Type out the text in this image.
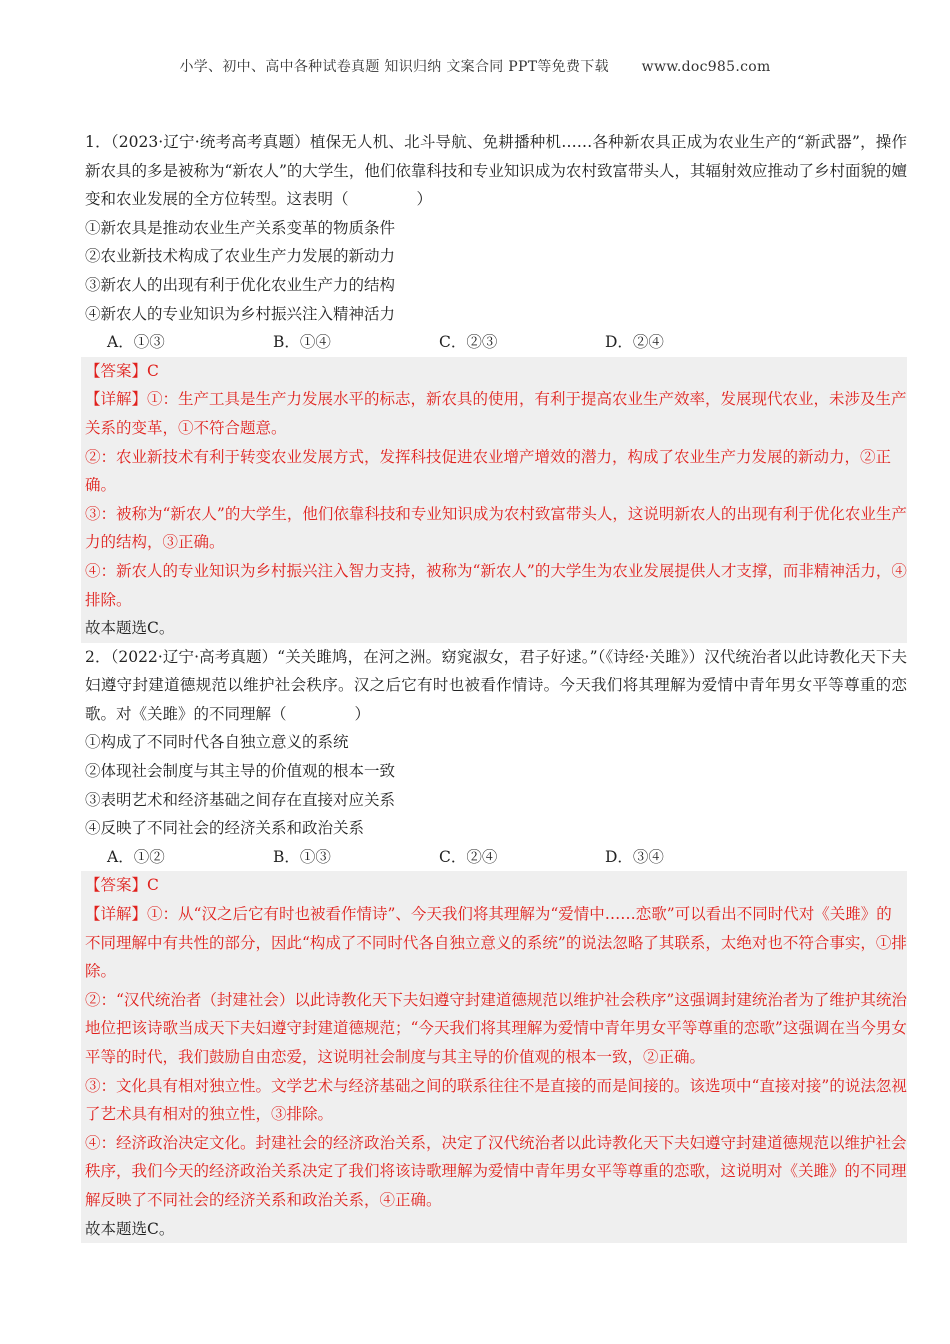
小学、初中、高中各种试卷真题 知识归纳 文案合同 PPT等免费下载 www.doc985.com

1．（2023·辽宁·统考高考真题）植保无人机、北斗导航、免耕播种机……各种新农具正成为农业生产的“新武器”，操作新农具的多是被称为“新农人”的大学生，他们依靠科技和专业知识成为农村致富带头人，其辐射效应推动了乡村面貌的嬗变和农业发展的全方位转型。这表明（	）

①新农具是推动农业生产关系变革的物质条件

②农业新技术构成了农业生产力发展的新动力

③新农人的出现有利于优化农业生产力的结构

④新农人的专业知识为乡村振兴注入精神活力

A．①③	B．①④	C．②③	D．②④

【答案】C

【详解】①：生产工具是生产力发展水平的标志，新农具的使用，有利于提高农业生产效率，发展现代农业，未涉及生产关系的变革，①不符合题意。

②：农业新技术有利于转变农业发展方式，发挥科技促进农业增产增效的潜力，构成了农业生产力发展的新动力，②正确。

③：被称为“新农人”的大学生，他们依靠科技和专业知识成为农村致富带头人，这说明新农人的出现有利于优化农业生产力的结构，③正确。

④：新农人的专业知识为乡村振兴注入智力支持，被称为“新农人”的大学生为农业发展提供人才支撑，而非精神活力，④排除。

故本题选C。

2．（2022·辽宁·高考真题）“关关雎鸠，在河之洲。窈窕淑女，君子好逑。”（《诗经·关雎》）汉代统治者以此诗教化天下夫妇遵守封建道德规范以维护社会秩序。汉之后它有时也被看作情诗。今天我们将其理解为爱情中青年男女平等尊重的恋歌。对《关雎》的不同理解（	）

①构成了不同时代各自独立意义的系统

②体现社会制度与其主导的价值观的根本一致

③表明艺术和经济基础之间存在直接对应关系

④反映了不同社会的经济关系和政治关系

A．①②	B．①③	C．②④	D．③④

【答案】C

【详解】①：从“汉之后它有时也被看作情诗”、今天我们将其理解为“爱情中……恋歌”可以看出不同时代对《关雎》的不同理解中有共性的部分，因此“构成了不同时代各自独立意义的系统”的说法忽略了其联系，太绝对也不符合事实，①排除。

②：“汉代统治者（封建社会）以此诗教化天下夫妇遵守封建道德规范以维护社会秩序”这强调封建统治者为了维护其统治地位把该诗歌当成天下夫妇遵守封建道德规范；“今天我们将其理解为爱情中青年男女平等尊重的恋歌”这强调在当今男女平等的时代，我们鼓励自由恋爱，这说明社会制度与其主导的价值观的根本一致，②正确。

③：文化具有相对独立性。文学艺术与经济基础之间的联系往往不是直接的而是间接的。该选项中“直接对接”的说法忽视了艺术具有相对的独立性，③排除。

④：经济政治决定文化。封建社会的经济政治关系，决定了汉代统治者以此诗教化天下夫妇遵守封建道德规范以维护社会秩序，我们今天的经济政治关系决定了我们将该诗歌理解为爱情中青年男女平等尊重的恋歌，这说明对《关雎》的不同理解反映了不同社会的经济关系和政治关系，④正确。

故本题选C。
